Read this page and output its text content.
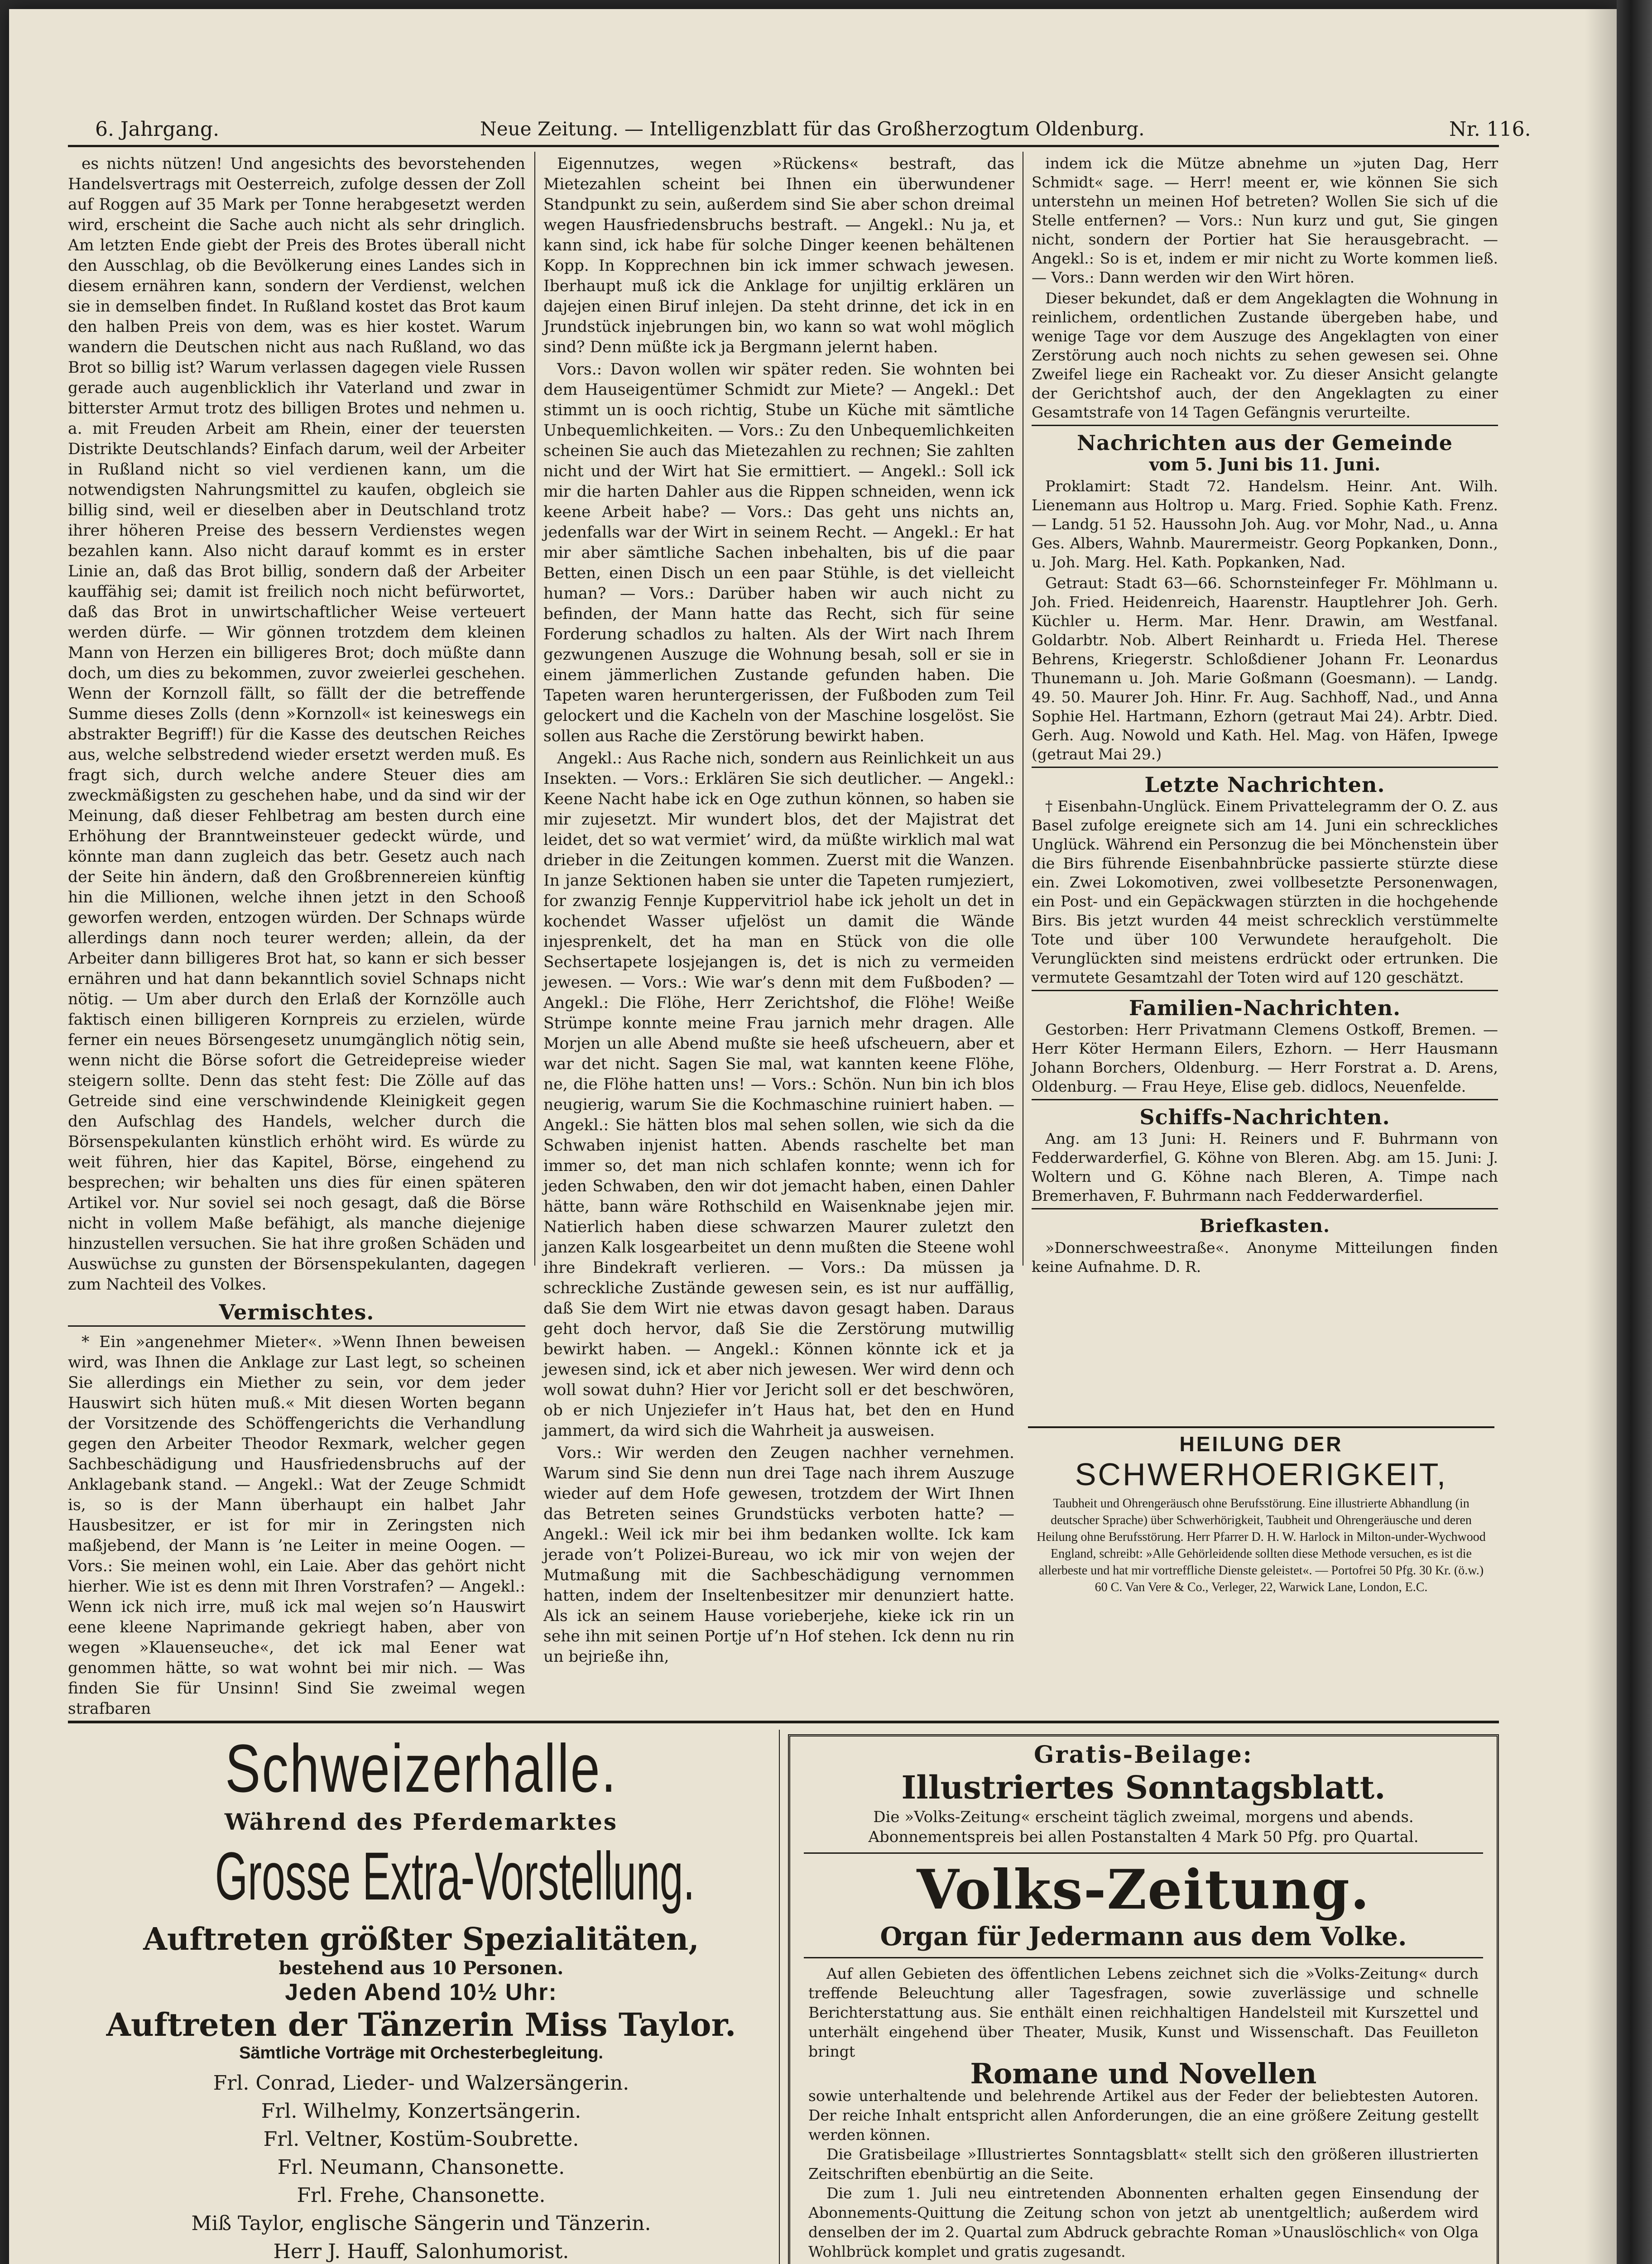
6. Jahrgang.	Neue Zeitung. — Intelligenzblatt für das Großherzogtum Oldenburg.	Nr. 116.

es nichts nützen! Und angesichts des bevorstehenden Handelsvertrags mit Oesterreich, zufolge dessen der Zoll auf Roggen auf 35 Mark per Tonne herabgesetzt werden wird, erscheint die Sache auch nicht als sehr dringlich. Am letzten Ende giebt der Preis des Brotes überall nicht den Ausschlag, ob die Bevölkerung eines Landes sich in diesem ernähren kann, sondern der Verdienst, welchen sie in demselben findet. In Rußland kostet das Brot kaum den halben Preis von dem, was es hier kostet. Warum wandern die Deutschen nicht aus nach Rußland, wo das Brot so billig ist? Warum verlassen dagegen viele Russen gerade auch augenblicklich ihr Vaterland und zwar in bitterster Armut trotz des billigen Brotes und nehmen u. a. mit Freuden Arbeit am Rhein, einer der teuersten Distrikte Deutschlands? Einfach darum, weil der Arbeiter in Rußland nicht so viel verdienen kann, um die notwendigsten Nahrungsmittel zu kaufen, obgleich sie billig sind, weil er dieselben aber in Deutschland trotz ihrer höheren Preise des bessern Verdienstes wegen bezahlen kann. Also nicht darauf kommt es in erster Linie an, daß das Brot billig, sondern daß der Arbeiter kauffähig sei; damit ist freilich noch nicht befürwortet, daß das Brot in unwirtschaftlicher Weise verteuert werden dürfe. — Wir gönnen trotzdem dem kleinen Mann von Herzen ein billigeres Brot; doch müßte dann doch, um dies zu bekommen, zuvor zweierlei geschehen. Wenn der Kornzoll fällt, so fällt der die betreffende Summe dieses Zolls (denn »Kornzoll« ist keineswegs ein abstrakter Begriff!) für die Kasse des deutschen Reiches aus, welche selbstredend wieder ersetzt werden muß. Es fragt sich, durch welche andere Steuer dies am zweckmäßigsten zu geschehen habe, und da sind wir der Meinung, daß dieser Fehlbetrag am besten durch eine Erhöhung der Branntweinsteuer gedeckt würde, und könnte man dann zugleich das betr. Gesetz auch nach der Seite hin ändern, daß den Großbrennereien künftig hin die Millionen, welche ihnen jetzt in den Schooß geworfen werden, entzogen würden. Der Schnaps würde allerdings dann noch teurer werden; allein, da der Arbeiter dann billigeres Brot hat, so kann er sich besser ernähren und hat dann bekanntlich soviel Schnaps nicht nötig. — Um aber durch den Erlaß der Kornzölle auch faktisch einen billigeren Kornpreis zu erzielen, würde ferner ein neues Börsengesetz unumgänglich nötig sein, wenn nicht die Börse sofort die Getreidepreise wieder steigern sollte. Denn das steht fest: Die Zölle auf das Getreide sind eine verschwindende Kleinigkeit gegen den Aufschlag des Handels, welcher durch die Börsenspekulanten künstlich erhöht wird. Es würde zu weit führen, hier das Kapitel, Börse, eingehend zu besprechen; wir behalten uns dies für einen späteren Artikel vor. Nur soviel sei noch gesagt, daß die Börse nicht in vollem Maße befähigt, als manche diejenige hinzustellen versuchen. Sie hat ihre großen Schäden und Auswüchse zu gunsten der Börsenspekulanten, dagegen zum Nachteil des Volkes.

Vermischtes.

* Ein »angenehmer Mieter«. »Wenn Ihnen beweisen wird, was Ihnen die Anklage zur Last legt, so scheinen Sie allerdings ein Miether zu sein, vor dem jeder Hauswirt sich hüten muß.« Mit diesen Worten begann der Vorsitzende des Schöffengerichts die Verhandlung gegen den Arbeiter Theodor Rexmark, welcher gegen Sachbeschädigung und Hausfriedensbruchs auf der Anklagebank stand. — Angekl.: Wat der Zeuge Schmidt is, so is der Mann überhaupt ein halbet Jahr Hausbesitzer, er ist for mir in Zeringsten nich maßjebend, der Mann is ’ne Leiter in meine Oogen. — Vors.: Sie meinen wohl, ein Laie. Aber das gehört nicht hierher. Wie ist es denn mit Ihren Vorstrafen? — Angekl.: Wenn ick nich irre, muß ick mal wejen so’n Hauswirt eene kleene Naprimande gekriegt haben, aber von wegen »Klauenseuche«, det ick mal Eener wat genommen hätte, so wat wohnt bei mir nich. — Was finden Sie für Unsinn! Sind Sie zweimal wegen strafbaren

Eigennutzes, wegen »Rückens« bestraft, das Mietezahlen scheint bei Ihnen ein überwundener Standpunkt zu sein, außerdem sind Sie aber schon dreimal wegen Hausfriedensbruchs bestraft. — Angekl.: Nu ja, et kann sind, ick habe für solche Dinger keenen behältenen Kopp. In Kopprechnen bin ick immer schwach jewesen. Iberhaupt muß ick die Anklage for unjiltig erklären un dajejen einen Biruf inlejen. Da steht drinne, det ick in en Jrundstück injebrungen bin, wo kann so wat wohl möglich sind? Denn müßte ick ja Bergmann jelernt haben.

Vors.: Davon wollen wir später reden. Sie wohnten bei dem Hauseigentümer Schmidt zur Miete? — Angekl.: Det stimmt un is ooch richtig, Stube un Küche mit sämtliche Unbequemlichkeiten. — Vors.: Zu den Unbequemlichkeiten scheinen Sie auch das Mietezahlen zu rechnen; Sie zahlten nicht und der Wirt hat Sie ermittiert. — Angekl.: Soll ick mir die harten Dahler aus die Rippen schneiden, wenn ick keene Arbeit habe? — Vors.: Das geht uns nichts an, jedenfalls war der Wirt in seinem Recht. — Angekl.: Er hat mir aber sämtliche Sachen inbehalten, bis uf die paar Betten, einen Disch un een paar Stühle, is det vielleicht human? — Vors.: Darüber haben wir auch nicht zu befinden, der Mann hatte das Recht, sich für seine Forderung schadlos zu halten. Als der Wirt nach Ihrem gezwungenen Auszuge die Wohnung besah, soll er sie in einem jämmerlichen Zustande gefunden haben. Die Tapeten waren heruntergerissen, der Fußboden zum Teil gelockert und die Kacheln von der Maschine losgelöst. Sie sollen aus Rache die Zerstörung bewirkt haben.

Angekl.: Aus Rache nich, sondern aus Reinlichkeit un aus Insekten. — Vors.: Erklären Sie sich deutlicher. — Angekl.: Keene Nacht habe ick en Oge zuthun können, so haben sie mir zujesetzt. Mir wundert blos, det der Majistrat det leidet, det so wat vermiet’ wird, da müßte wirklich mal wat drieber in die Zeitungen kommen. Zuerst mit die Wanzen. In janze Sektionen haben sie unter die Tapeten rumjeziert, for zwanzig Fennje Kuppervitriol habe ick jeholt un det in kochendet Wasser ufjelöst un damit die Wände injesprenkelt, det ha man en Stück von die olle Sechsertapete losjejangen is, det is nich zu vermeiden jewesen. — Vors.: Wie war’s denn mit dem Fußboden? — Angekl.: Die Flöhe, Herr Zerichtshof, die Flöhe! Weiße Strümpe konnte meine Frau jarnich mehr dragen. Alle Morjen un alle Abend mußte sie heeß ufscheuern, aber et war det nicht. Sagen Sie mal, wat kannten keene Flöhe, ne, die Flöhe hatten uns! — Vors.: Schön. Nun bin ich blos neugierig, warum Sie die Kochmaschine ruiniert haben. — Angekl.: Sie hätten blos mal sehen sollen, wie sich da die Schwaben injenist hatten. Abends raschelte bet man immer so, det man nich schlafen konnte; wenn ich for jeden Schwaben, den wir dot jemacht haben, einen Dahler hätte, bann wäre Rothschild en Waisenknabe jejen mir. Natierlich haben diese schwarzen Maurer zuletzt den janzen Kalk losgearbeitet un denn mußten die Steene wohl ihre Bindekraft verlieren. — Vors.: Da müssen ja schreckliche Zustände gewesen sein, es ist nur auffällig, daß Sie dem Wirt nie etwas davon gesagt haben. Daraus geht doch hervor, daß Sie die Zerstörung mutwillig bewirkt haben. — Angekl.: Können könnte ick et ja jewesen sind, ick et aber nich jewesen. Wer wird denn och woll sowat duhn? Hier vor Jericht soll er det beschwören, ob er nich Unjeziefer in’t Haus hat, bet den en Hund jammert, da wird sich die Wahrheit ja ausweisen.

Vors.: Wir werden den Zeugen nachher vernehmen. Warum sind Sie denn nun drei Tage nach ihrem Auszuge wieder auf dem Hofe gewesen, trotzdem der Wirt Ihnen das Betreten seines Grundstücks verboten hatte? — Angekl.: Weil ick mir bei ihm bedanken wollte. Ick kam jerade von’t Polizei-Bureau, wo ick mir von wejen der Mutmaßung mit die Sachbeschädigung vernommen hatten, indem der Inseltenbesitzer mir denunziert hatte. Als ick an seinem Hause vorieberjehe, kieke ick rin un sehe ihn mit seinen Portje uf’n Hof stehen. Ick denn nu rin un bejrieße ihn,

indem ick die Mütze abnehme un »juten Dag, Herr Schmidt« sage. — Herr! meent er, wie können Sie sich unterstehn un meinen Hof betreten? Wollen Sie sich uf die Stelle entfernen? — Vors.: Nun kurz und gut, Sie gingen nicht, sondern der Portier hat Sie herausgebracht. — Angekl.: So is et, indem er mir nicht zu Worte kommen ließ. — Vors.: Dann werden wir den Wirt hören.

Dieser bekundet, daß er dem Angeklagten die Wohnung in reinlichem, ordentlichen Zustande übergeben habe, und wenige Tage vor dem Auszuge des Angeklagten von einer Zerstörung auch noch nichts zu sehen gewesen sei. Ohne Zweifel liege ein Racheakt vor. Zu dieser Ansicht gelangte der Gerichtshof auch, der den Angeklagten zu einer Gesamtstrafe von 14 Tagen Gefängnis verurteilte.

Nachrichten aus der Gemeinde
vom 5. Juni bis 11. Juni.

Proklamirt: Stadt 72. Handelsm. Heinr. Ant. Wilh. Lienemann aus Holtrop u. Marg. Fried. Sophie Kath. Frenz. — Landg. 51 52. Haussohn Joh. Aug. vor Mohr, Nad., u. Anna Ges. Albers, Wahnb. Maurermeistr. Georg Popkanken, Donn., u. Joh. Marg. Hel. Kath. Popkanken, Nad.

Getraut: Stadt 63—66. Schornsteinfeger Fr. Möhlmann u. Joh. Fried. Heidenreich, Haarenstr. Hauptlehrer Joh. Gerh. Küchler u. Herm. Mar. Henr. Drawin, am Westfanal. Goldarbtr. Nob. Albert Reinhardt u. Frieda Hel. Therese Behrens, Kriegerstr. Schloßdiener Johann Fr. Leonardus Thunemann u. Joh. Marie Goßmann (Goesmann). — Landg. 49. 50. Maurer Joh. Hinr. Fr. Aug. Sachhoff, Nad., und Anna Sophie Hel. Hartmann, Ezhorn (getraut Mai 24). Arbtr. Died. Gerh. Aug. Nowold und Kath. Hel. Mag. von Häfen, Ipwege (getraut Mai 29.)

Letzte Nachrichten.

† Eisenbahn-Unglück. Einem Privattelegramm der O. Z. aus Basel zufolge ereignete sich am 14. Juni ein schreckliches Unglück. Während ein Personzug die bei Mönchenstein über die Birs führende Eisenbahnbrücke passierte stürzte diese ein. Zwei Lokomotiven, zwei vollbesetzte Personenwagen, ein Post- und ein Gepäckwagen stürzten in die hochgehende Birs. Bis jetzt wurden 44 meist schrecklich verstümmelte Tote und über 100 Verwundete heraufgeholt. Die Verunglückten sind meistens erdrückt oder ertrunken. Die vermutete Gesamtzahl der Toten wird auf 120 geschätzt.

Familien-Nachrichten.

Gestorben: Herr Privatmann Clemens Ostkoff, Bremen. — Herr Köter Hermann Eilers, Ezhorn. — Herr Hausmann Johann Borchers, Oldenburg. — Herr Forstrat a. D. Arens, Oldenburg. — Frau Heye, Elise geb. didlocs, Neuenfelde.

Schiffs-Nachrichten.

Ang. am 13 Juni: H. Reiners und F. Buhrmann von Fedderwarderfiel, G. Köhne von Bleren. Abg. am 15. Juni: J. Woltern und G. Köhne nach Bleren, A. Timpe nach Bremerhaven, F. Buhrmann nach Fedderwarderfiel.

Briefkasten.

»Donnerschweestraße«. Anonyme Mitteilungen finden keine Aufnahme. D. R.

HEILUNG DER
SCHWERHOERIGKEIT,
Taubheit und Ohrengeräusch ohne Berufsstörung. Eine illustrierte Abhandlung (in deutscher Sprache) über Schwerhörigkeit, Taubheit und Ohrengeräusche und deren Heilung ohne Berufsstörung. Herr Pfarrer D. H. W. Harlock in Milton-under-Wychwood England, schreibt: »Alle Gehörleidende sollten diese Methode versuchen, es ist die allerbeste und hat mir vortreffliche Dienste geleistet«. — Portofrei 50 Pfg. 30 Kr. (ö.w.) 60 C. Van Vere & Co., Verleger, 22, Warwick Lane, London, E.C.
Schweizerhalle.
Während des Pferdemarktes
Grosse Extra-Vorstellung.
Auftreten größter Spezialitäten,
bestehend aus 10 Personen.
Jeden Abend 10½ Uhr:
Auftreten der Tänzerin Miss Taylor.
Sämtliche Vorträge mit Orchesterbegleitung.
Frl. Conrad, Lieder- und Walzersängerin.
Frl. Wilhelmy, Konzertsängerin.
Frl. Veltner, Kostüm-Soubrette.
Frl. Neumann, Chansonette.
Frl. Frehe, Chansonette.
Miß Taylor, englische Sängerin und Tänzerin.
Herr J. Hauff, Salonhumorist.
Gratis-Beilage:
Illustriertes Sonntagsblatt.
Die »Volks-Zeitung« erscheint täglich zweimal, morgens und abends. Abonnementspreis bei allen Postanstalten 4 Mark 50 Pfg. pro Quartal.
Volks-Zeitung.
Organ für Jedermann aus dem Volke.

Auf allen Gebieten des öffentlichen Lebens zeichnet sich die »Volks-Zeitung« durch treffende Beleuchtung aller Tagesfragen, sowie zuverlässige und schnelle Berichterstattung aus. Sie enthält einen reichhaltigen Handelsteil mit Kurszettel und unterhält eingehend über Theater, Musik, Kunst und Wissenschaft. Das Feuilleton bringt

Romane und Novellen

sowie unterhaltende und belehrende Artikel aus der Feder der beliebtesten Autoren. Der reiche Inhalt entspricht allen Anforderungen, die an eine größere Zeitung gestellt werden können.

Die Gratisbeilage »Illustriertes Sonntagsblatt« stellt sich den größeren illustrierten Zeitschriften ebenbürtig an die Seite.

Die zum 1. Juli neu eintretenden Abonnenten erhalten gegen Einsendung der Abonnements-Quittung die Zeitung schon von jetzt ab unentgeltlich; außerdem wird denselben der im 2. Quartal zum Abdruck gebrachte Roman »Unauslöschlich« von Olga Wohlbrück komplet und gratis zugesandt.
